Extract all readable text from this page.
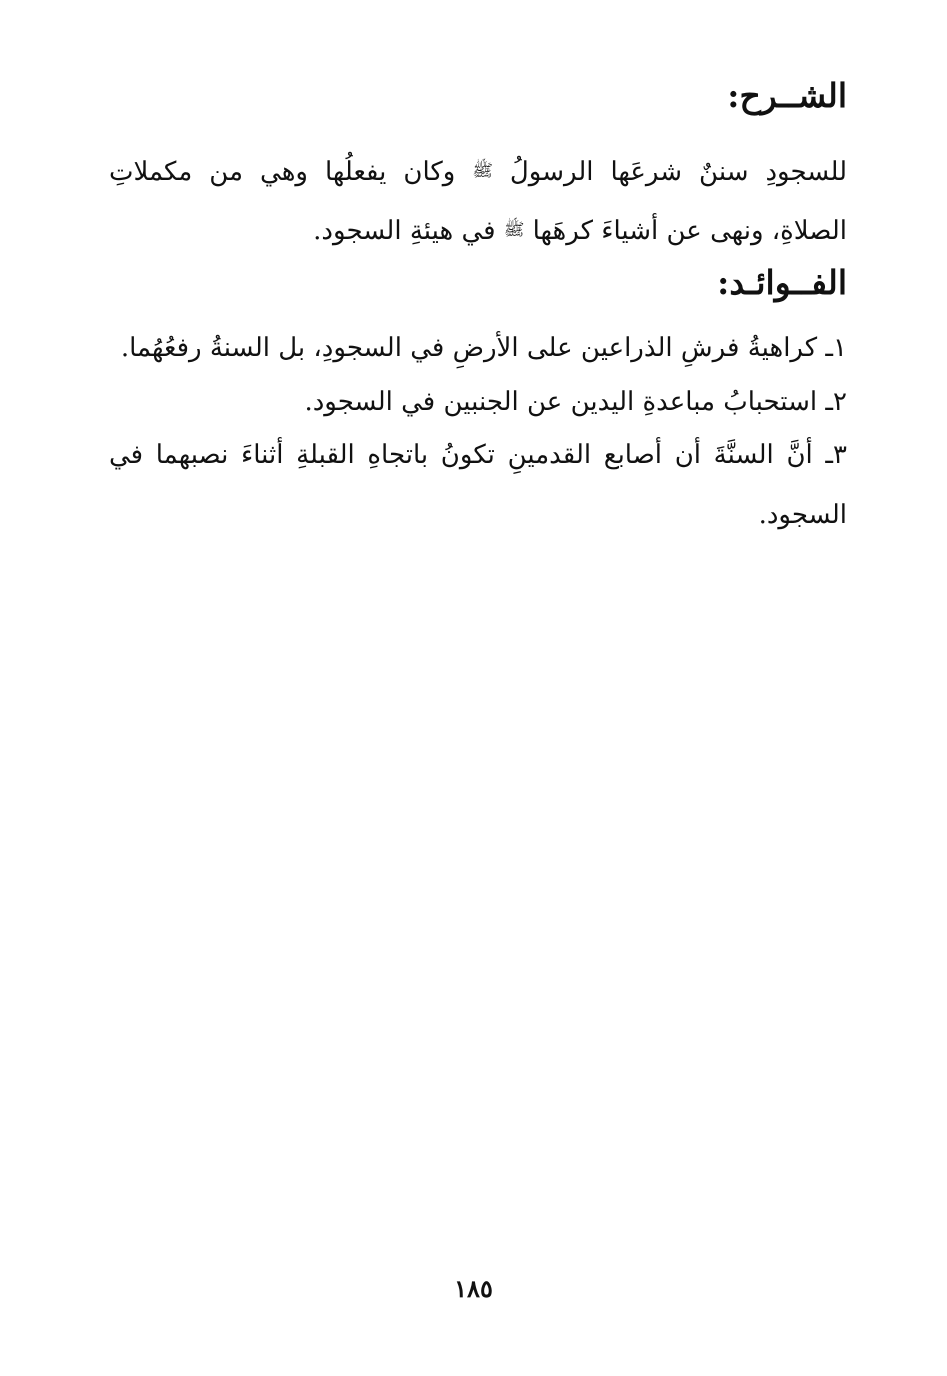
الشــرح:
للسجودِ سننٌ شرعَها الرسولُ ﷺ وكان يفعلُها وهي من مكملاتِ الصلاةِ، ونهى عن أشياءَ كرهَها ﷺ في هيئةِ السجود.
الفــوائـد:
١ـ كراهيةُ فرشِ الذراعين على الأرضِ في السجودِ، بل السنةُ رفعُهُما.
٢ـ استحبابُ مباعدةِ اليدين عن الجنبين في السجود.
٣ـ أنَّ السنَّةَ أن أصابع القدمينِ تكونُ باتجاهِ القبلةِ أثناءَ نصبهما في السجود.
١٨٥
